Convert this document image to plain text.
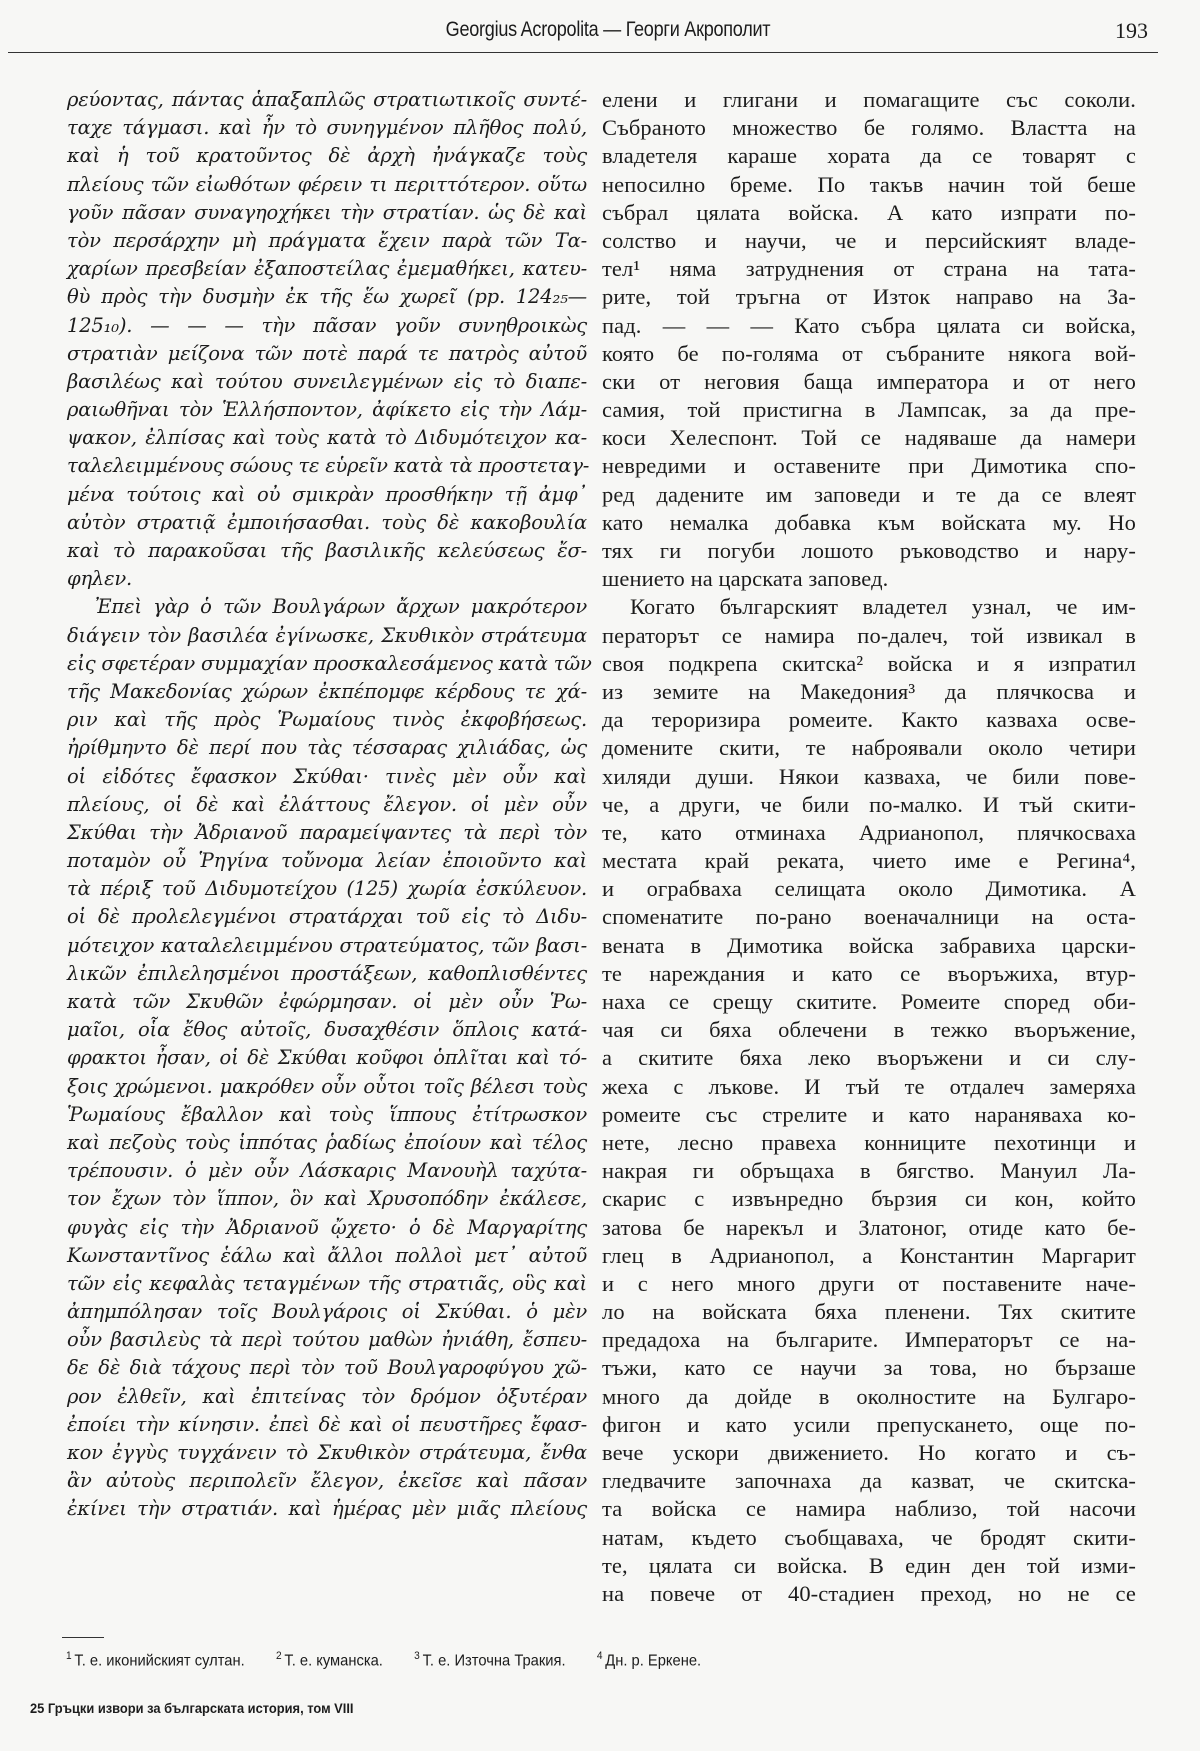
Georgius Acropolita — Георги Акрополит	193
ρεύοντας, πάντας ἁπαξαπλῶς στρατιωτικοῖς συντέ-
ταχε τάγμασι. καὶ ἦν τὸ συνηγμένον πλῆθος πολύ,
καὶ ἡ τοῦ κρατοῦντος δὲ ἀρχὴ ἠνάγκαζε τοὺς
πλείους τῶν εἰωθότων φέρειν τι περιττότερον. οὕτω
γοῦν πᾶσαν συναγηοχήκει τὴν στρατίαν. ὡς δὲ καὶ
τὸν περσάρχην μὴ πράγματα ἔχειν παρὰ τῶν Τα-
χαρίων πρεσβείαν ἐξαποστείλας ἐμεμαθήκει, κατευ-
θὺ πρὸς τὴν δυσμὴν ἐκ τῆς ἕω χωρεῖ (pp. 124₂₅—
125₁₀). — — — τὴν πᾶσαν γοῦν συνηθροικὼς
στρατιὰν μείζονα τῶν ποτὲ παρά τε πατρὸς αὐτοῦ
βασιλέως καὶ τούτου συνειλεγμένων εἰς τὸ διαπε-
ραιωθῆναι τὸν Ἑλλήσποντον, ἀφίκετο εἰς τὴν Λάμ-
ψακον, ἐλπίσας καὶ τοὺς κατὰ τὸ Διδυμότειχον κα-
ταλελειμμένους σώους τε εὑρεῖν κατὰ τὰ προστεταγ-
μένα τούτοις καὶ οὐ σμικρὰν προσθήκην τῇ ἀμφ᾿
αὐτὸν στρατιᾷ ἐμποιήσασθαι. τοὺς δὲ κακοβουλία
καὶ τὸ παρακοῦσαι τῆς βασιλικῆς κελεύσεως ἔσ-
φηλεν.
Ἐπεὶ γὰρ ὁ τῶν Βουλγάρων ἄρχων μακρότερον
διάγειν τὸν βασιλέα ἐγίνωσκε, Σκυθικὸν στράτευμα
εἰς σφετέραν συμμαχίαν προσκαλεσάμενος κατὰ τῶν
τῆς Μακεδονίας χώρων ἐκπέπομφε κέρδους τε χά-
ριν καὶ τῆς πρὸς Ῥωμαίους τινὸς ἐκφοβήσεως.
ἠρίθμηντο δὲ περί που τὰς τέσσαρας χιλιάδας, ὡς
οἱ εἰδότες ἔφασκον Σκύθαι· τινὲς μὲν οὖν καὶ
πλείους, οἱ δὲ καὶ ἐλάττους ἔλεγον. οἱ μὲν οὖν
Σκύθαι τὴν Ἀδριανοῦ παραμείψαντες τὰ περὶ τὸν
ποταμὸν οὗ Ῥηγίνα τοὔνομα λείαν ἐποιοῦντο καὶ
τὰ πέριξ τοῦ Διδυμοτείχου (125) χωρία ἐσκύλευον.
οἱ δὲ προλελεγμένοι στρατάρχαι τοῦ εἰς τὸ Διδυ-
μότειχον καταλελειμμένου στρατεύματος, τῶν βασι-
λικῶν ἐπιλελησμένοι προστάξεων, καθοπλισθέντες
κατὰ τῶν Σκυθῶν ἐφώρμησαν. οἱ μὲν οὖν Ῥω-
μαῖοι, οἷα ἔθος αὐτοῖς, δυσαχθέσιν ὅπλοις κατά-
φρακτοι ἦσαν, οἱ δὲ Σκύθαι κοῦφοι ὁπλῖται καὶ τό-
ξοις χρώμενοι. μακρόθεν οὖν οὗτοι τοῖς βέλεσι τοὺς
Ῥωμαίους ἔβαλλον καὶ τοὺς ἵππους ἐτίτρωσκον
καὶ πεζοὺς τοὺς ἱππότας ῥαδίως ἐποίουν καὶ τέλος
τρέπουσιν. ὁ μὲν οὖν Λάσκαρις Μανουὴλ ταχύτα-
τον ἔχων τὸν ἵππον, ὃν καὶ Χρυσοπόδην ἐκάλεσε,
φυγὰς εἰς τὴν Ἀδριανοῦ ᾤχετο· ὁ δὲ Μαργαρίτης
Κωνσταντῖνος ἑάλω καὶ ἄλλοι πολλοὶ μετ᾿ αὐτοῦ
τῶν εἰς κεφαλὰς τεταγμένων τῆς στρατιᾶς, οὓς καὶ
ἀπημπόλησαν τοῖς Βουλγάροις οἱ Σκύθαι. ὁ μὲν
οὖν βασιλεὺς τὰ περὶ τούτου μαθὼν ἠνιάθη, ἔσπευ-
δε δὲ διὰ τάχους περὶ τὸν τοῦ Βουλγαροφύγου χῶ-
ρον ἐλθεῖν, καὶ ἐπιτείνας τὸν δρόμον ὀξυτέραν
ἐποίει τὴν κίνησιν. ἐπεὶ δὲ καὶ οἱ πευστῆρες ἔφασ-
κον ἐγγὺς τυγχάνειν τὸ Σκυθικὸν στράτευμα, ἔνθα
ἂν αὐτοὺς περιπολεῖν ἔλεγον, ἐκεῖσε καὶ πᾶσαν
ἐκίνει τὴν στρατιάν. καὶ ἡμέρας μὲν μιᾶς πλείους
елени и глигани и помагащите със соколи.
Събраното множество бе голямо. Властта на
владетеля караше хората да се товарят с
непосилно бреме. По такъв начин той беше
събрал цялата войска. А като изпрати по-
солство и научи, че и персийският владе-
тел¹ няма затруднения от страна на тата-
рите, той тръгна от Изток направо на За-
пад. — — — Като събра цялата си войска,
която бе по-голяма от събраните някога вой-
ски от неговия баща императора и от него
самия, той пристигна в Лампсак, за да пре-
коси Хелеспонт. Той се надяваше да намери
невредими и оставените при Димотика спо-
ред дадените им заповеди и те да се влеят
като немалка добавка към войската му. Но
тях ги погуби лошото ръководство и нару-
шението на царската заповед.
Когато българският владетел узнал, че им-
ператорът се намира по-далеч, той извикал в
своя подкрепа скитска² войска и я изпратил
из земите на Македония³ да плячкосва и
да тероризира ромеите. Както казваха осве-
домените скити, те наброявали около четири
хиляди души. Някои казваха, че били пове-
че, а други, че били по-малко. И тъй скити-
те, като отминаха Адрианопол, плячкосваха
местата край реката, чието име е Регина⁴,
и ограбваха селищата около Димотика. А
споменатите по-рано военачалници на оста-
вената в Димотика войска забравиха царски-
те нареждания и като се въоръжиха, втур-
наха се срещу скитите. Ромеите според оби-
чая си бяха облечени в тежко въоръжение,
а скитите бяха леко въоръжени и си слу-
жеха с лъкове. И тъй те отдалеч замеряха
ромеите със стрелите и като нараняваха ко-
нете, лесно правеха конниците пехотинци и
накрая ги обръщаха в бягство. Мануил Ла-
скарис с извънредно бързия си кон, който
затова бе нарекъл и Златоног, отиде като бе-
глец в Адрианопол, а Константин Маргарит
и с него много други от поставените наче-
ло на войската бяха пленени. Тях скитите
предадоха на българите. Императорът се на-
тъжи, като се научи за това, но бързаше
много да дойде в околностите на Булгаро-
фигон и като усили препускането, още по-
вече ускори движението. Но когато и съ-
гледвачите започнаха да казват, че скитска-
та войска се намира наблизо, той насочи
натам, където съобщаваха, че бродят скити-
те, цялата си войска. В един ден той изми-
на повече от 40-стадиен преход, но не се
$^1$ Т. е. иконийският султан.	$^2$ Т. е. куманска.	$^3$ Т. е. Източна Тракия.	$^4$ Дн. р. Еркене.
25 Гръцки извори за българската история, том VIII
